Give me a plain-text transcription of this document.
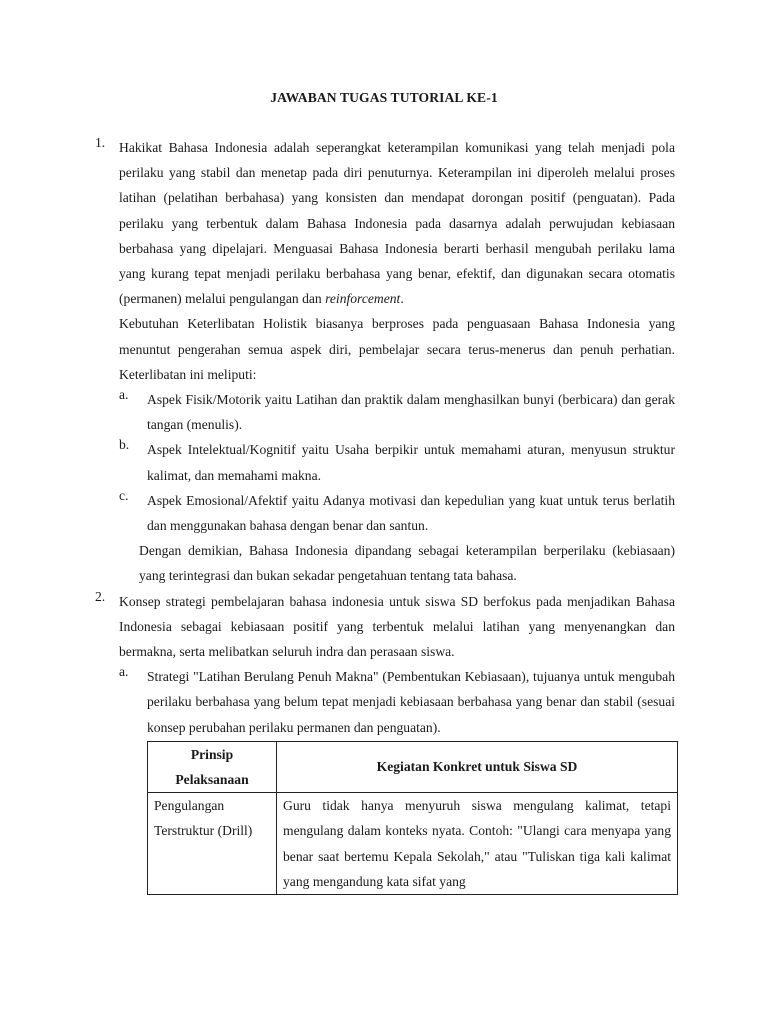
JAWABAN TUGAS TUTORIAL KE-1
1.	Hakikat Bahasa Indonesia adalah seperangkat keterampilan komunikasi yang telah menjadi pola perilaku yang stabil dan menetap pada diri penuturnya. Keterampilan ini diperoleh melalui proses latihan (pelatihan berbahasa) yang konsisten dan mendapat dorongan positif (penguatan). Pada perilaku yang terbentuk dalam Bahasa Indonesia pada dasarnya adalah perwujudan kebiasaan berbahasa yang dipelajari. Menguasai Bahasa Indonesia berarti berhasil mengubah perilaku lama yang kurang tepat menjadi perilaku berbahasa yang benar, efektif, dan digunakan secara otomatis (permanen) melalui pengulangan dan reinforcement.

Kebutuhan Keterlibatan Holistik biasanya berproses pada penguasaan Bahasa Indonesia yang menuntut pengerahan semua aspek diri, pembelajar secara terus-menerus dan penuh perhatian. Keterlibatan ini meliputi:

a.	Aspek Fisik/Motorik yaitu Latihan dan praktik dalam menghasilkan bunyi (berbicara) dan gerak tangan (menulis).

b.	Aspek Intelektual/Kognitif yaitu Usaha berpikir untuk memahami aturan, menyusun struktur kalimat, dan memahami makna.

c.	Aspek Emosional/Afektif yaitu Adanya motivasi dan kepedulian yang kuat untuk terus berlatih dan menggunakan bahasa dengan benar dan santun.

Dengan demikian, Bahasa Indonesia dipandang sebagai keterampilan berperilaku (kebiasaan) yang terintegrasi dan bukan sekadar pengetahuan tentang tata bahasa.

2.	Konsep strategi pembelajaran bahasa indonesia untuk siswa SD berfokus pada menjadikan Bahasa Indonesia sebagai kebiasaan positif yang terbentuk melalui latihan yang menyenangkan dan bermakna, serta melibatkan seluruh indra dan perasaan siswa.

a.	Strategi "Latihan Berulang Penuh Makna" (Pembentukan Kebiasaan), tujuanya untuk mengubah perilaku berbahasa yang belum tepat menjadi kebiasaan berbahasa yang benar dan stabil (sesuai konsep perubahan perilaku permanen dan penguatan).

Prinsip
Pelaksanaan	Kegiatan Konkret untuk Siswa SD

Pengulangan Terstruktur (Drill)	Guru tidak hanya menyuruh siswa mengulang kalimat, tetapi mengulang dalam konteks nyata. Contoh: "Ulangi cara menyapa yang benar saat bertemu Kepala Sekolah," atau "Tuliskan tiga kali kalimat yang mengandung kata sifat yang
